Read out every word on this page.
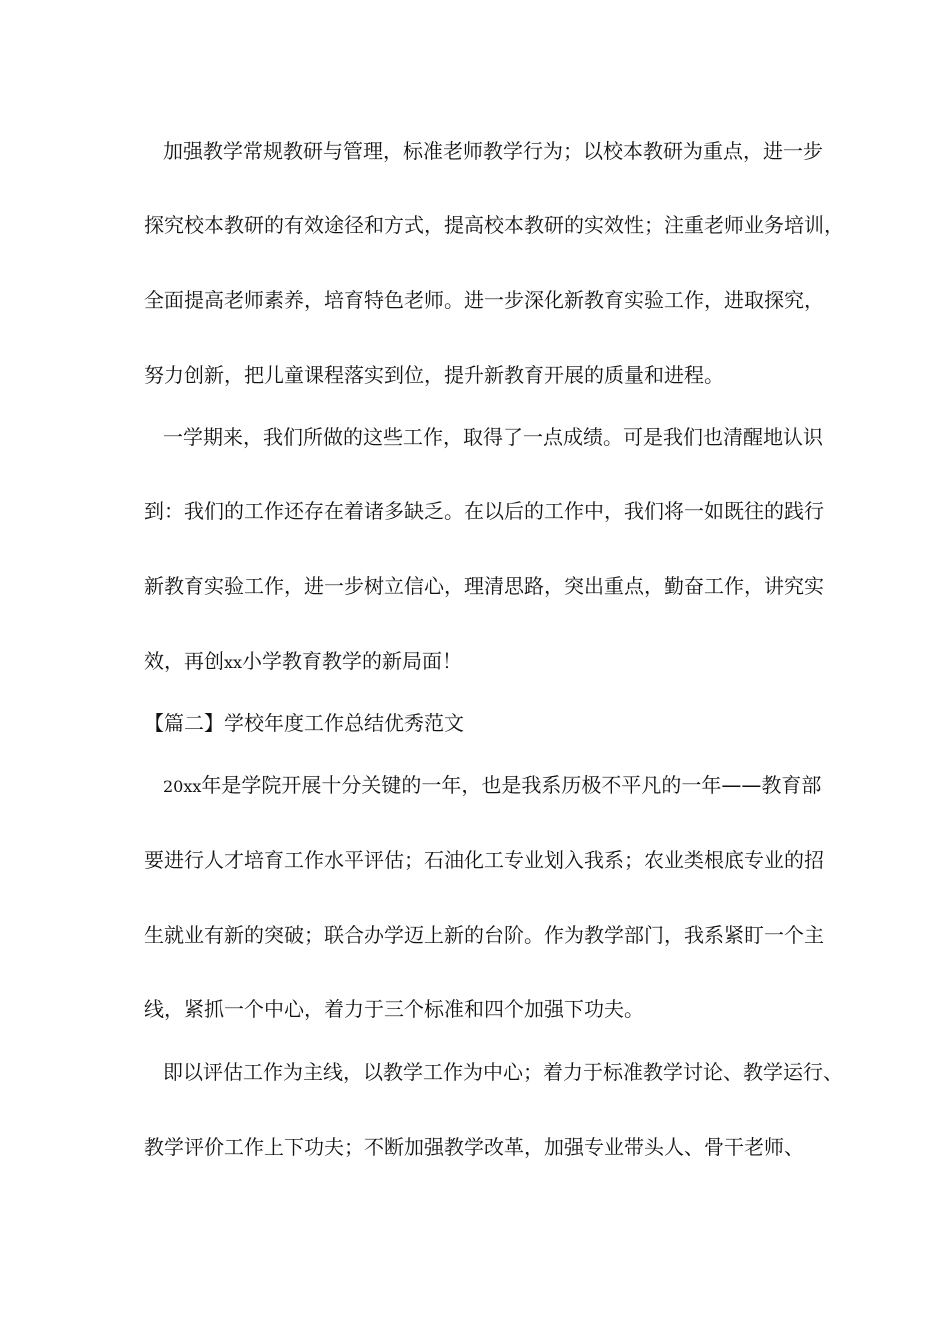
加强教学常规教研与管理，标准老师教学行为；以校本教研为重点，进一步

探究校本教研的有效途径和方式，提高校本教研的实效性；注重老师业务培训，

全面提高老师素养，培育特色老师。进一步深化新教育实验工作，进取探究，

努力创新，把儿童课程落实到位，提升新教育开展的质量和进程。

一学期来，我们所做的这些工作，取得了一点成绩。可是我们也清醒地认识

到：我们的工作还存在着诸多缺乏。在以后的工作中，我们将一如既往的践行

新教育实验工作，进一步树立信心，理清思路，突出重点，勤奋工作，讲究实

效，再创xx小学教育教学的新局面！

【篇二】学校年度工作总结优秀范文

20xx年是学院开展十分关键的一年，也是我系历极不平凡的一年——教育部

要进行人才培育工作水平评估；石油化工专业划入我系；农业类根底专业的招

生就业有新的突破；联合办学迈上新的台阶。作为教学部门，我系紧盯一个主

线，紧抓一个中心，着力于三个标准和四个加强下功夫。

即以评估工作为主线，以教学工作为中心；着力于标准教学讨论、教学运行、

教学评价工作上下功夫；不断加强教学改革，加强专业带头人、骨干老师、
